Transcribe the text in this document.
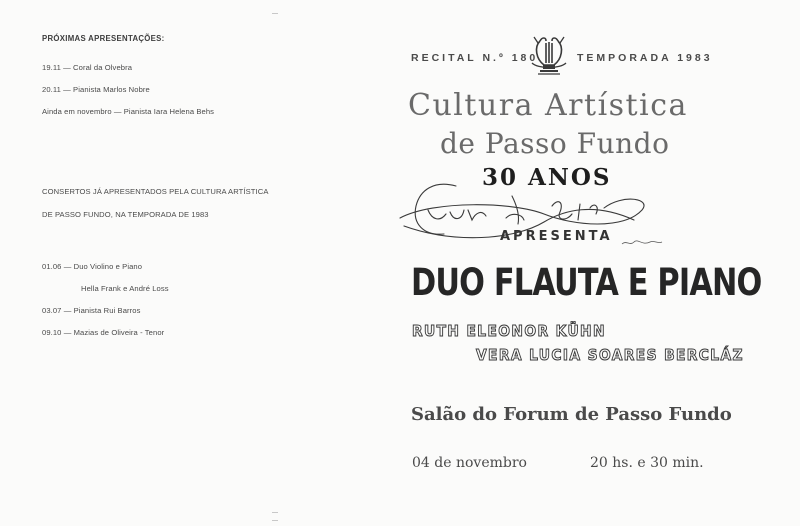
PRÓXIMAS APRESENTAÇÕES:
19.11 — Coral da Olvebra
20.11 — Pianista Marlos Nobre
Ainda em novembro — Pianista Iara Helena Behs
CONSERTOS JÁ APRESENTADOS PELA CULTURA ARTÍSTICA
DE PASSO FUNDO, NA TEMPORADA DE 1983
01.06 — Duo Violino e Piano
Hella Frank e André Loss
03.07 — Pianista Rui Barros
09.10 — Mazias de Oliveira - Tenor
RECITAL N.º 180	TEMPORADA 1983
Cultura Artística
de Passo Fundo
30 ANOS
APRESENTA
DUO FLAUTA E PIANO
RUTH ELEONOR KÜHN
VERA LUCIA SOARES BERCLÁZ
Salão do Forum de Passo Fundo
04 de novembro	20 hs. e 30 min.
